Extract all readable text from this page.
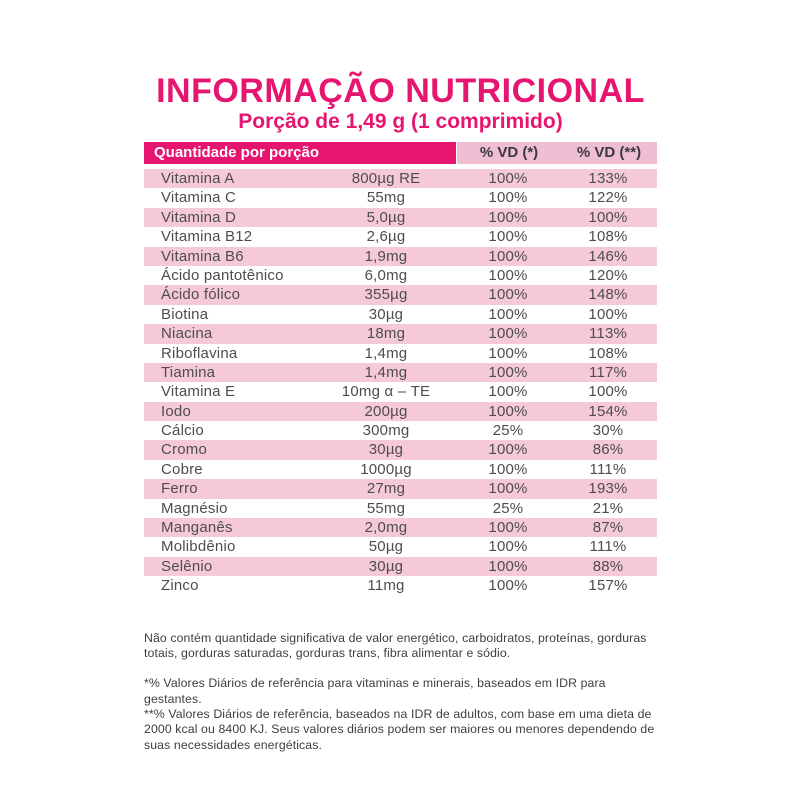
INFORMAÇÃO NUTRICIONAL
Porção de 1,49 g (1 comprimido)
Quantidade por porção	% VD (*)	% VD (**)
Vitamina A	800µg RE	100%	133%
Vitamina C	55mg	100%	122%
Vitamina D	5,0µg	100%	100%
Vitamina B12	2,6µg	100%	108%
Vitamina B6	1,9mg	100%	146%
Ácido pantotênico	6,0mg	100%	120%
Ácido fólico	355µg	100%	148%
Biotina	30µg	100%	100%
Niacina	18mg	100%	113%
Riboflavina	1,4mg	100%	108%
Tiamina	1,4mg	100%	117%
Vitamina E	10mg α – TE	100%	100%
Iodo	200µg	100%	154%
Cálcio	300mg	25%	30%
Cromo	30µg	100%	86%
Cobre	1000µg	100%	111%
Ferro	27mg	100%	193%
Magnésio	55mg	25%	21%
Manganês	2,0mg	100%	87%
Molibdênio	50µg	100%	111%
Selênio	30µg	100%	88%
Zinco	11mg	100%	157%

Não contém quantidade significativa de valor energético, carboidratos, proteínas, gorduras totais, gorduras saturadas, gorduras trans, fibra alimentar e sódio.

*% Valores Diários de referência para vitaminas e minerais, baseados em IDR para gestantes.

**% Valores Diários de referência, baseados na IDR de adultos, com base em uma dieta de 2000 kcal ou 8400 KJ. Seus valores diários podem ser maiores ou menores dependendo de suas necessidades energéticas.
